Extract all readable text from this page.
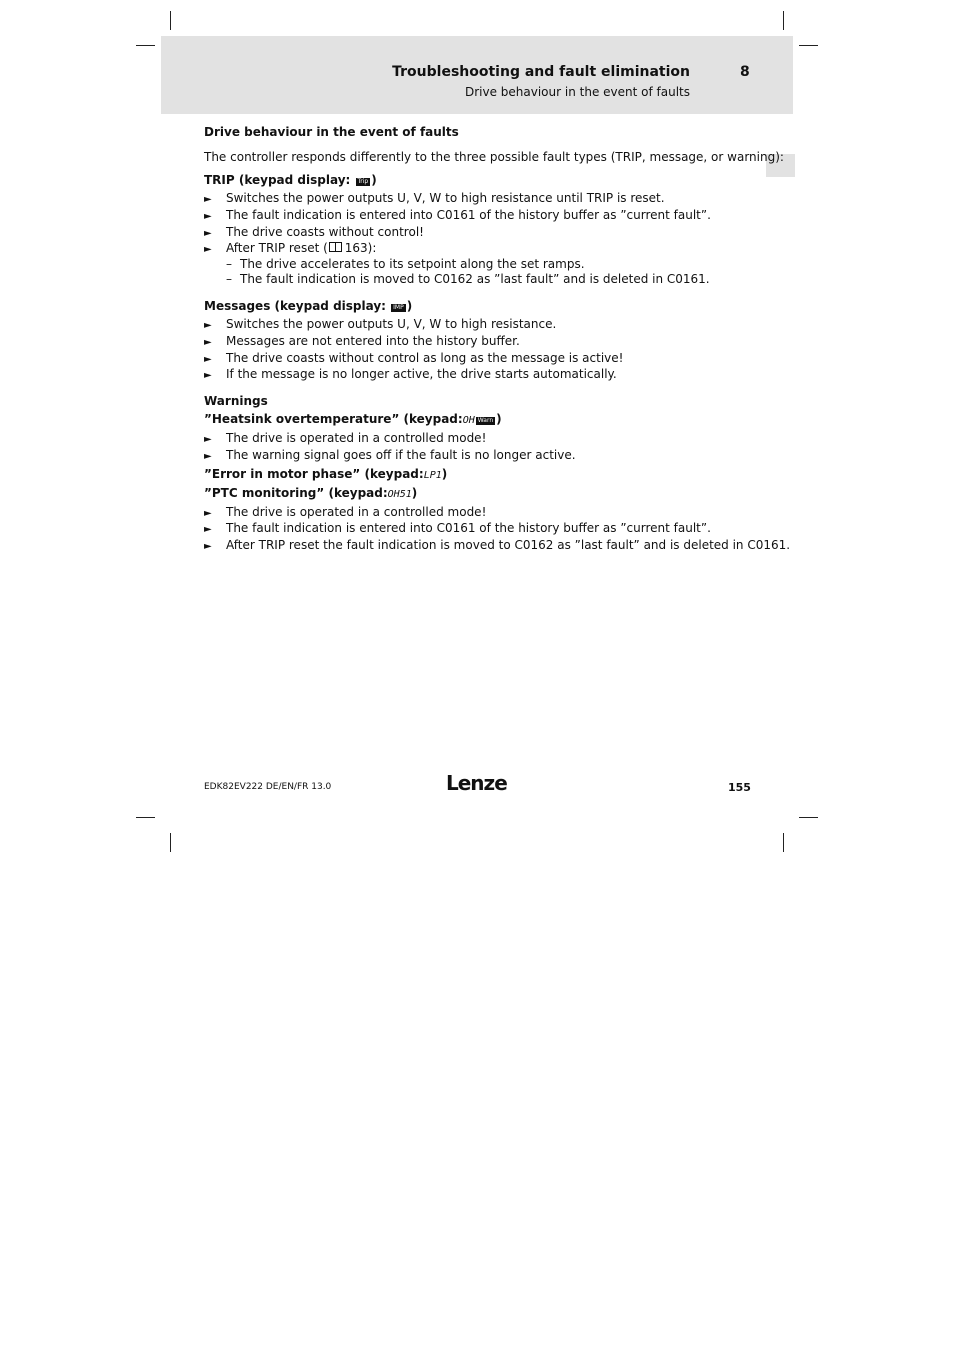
Troubleshooting and fault elimination	8
Drive behaviour in the event of faults
Drive behaviour in the event of faults
The controller responds differently to the three possible fault types (TRIP, message, or warning):
TRIP (keypad display: Trip )
► Switches the power outputs U, V, W to high resistance until TRIP is reset.
► The fault indication is entered into C0161 of the history buffer as ”current fault”.
► The drive coasts without control!
► After TRIP reset ( 163):
– The drive accelerates to its setpoint along the set ramps.
– The fault indication is moved to C0162 as ”last fault” and is deleted in C0161.
Messages (keypad display: IMP )
► Switches the power outputs U, V, W to high resistance.
► Messages are not entered into the history buffer.
► The drive coasts without control as long as the message is active!
► If the message is no longer active, the drive starts automatically.
Warnings
”Heatsink overtemperature” (keypad:OH Warn )
► The drive is operated in a controlled mode!
► The warning signal goes off if the fault is no longer active.
”Error in motor phase” (keypad:LP1)
”PTC monitoring” (keypad:OH51)
► The drive is operated in a controlled mode!
► The fault indication is entered into C0161 of the history buffer as ”current fault”.
► After TRIP reset the fault indication is moved to C0162 as ”last fault” and is deleted in C0161.
EDK82EV222 DE/EN/FR 13.0	Lenze	155
